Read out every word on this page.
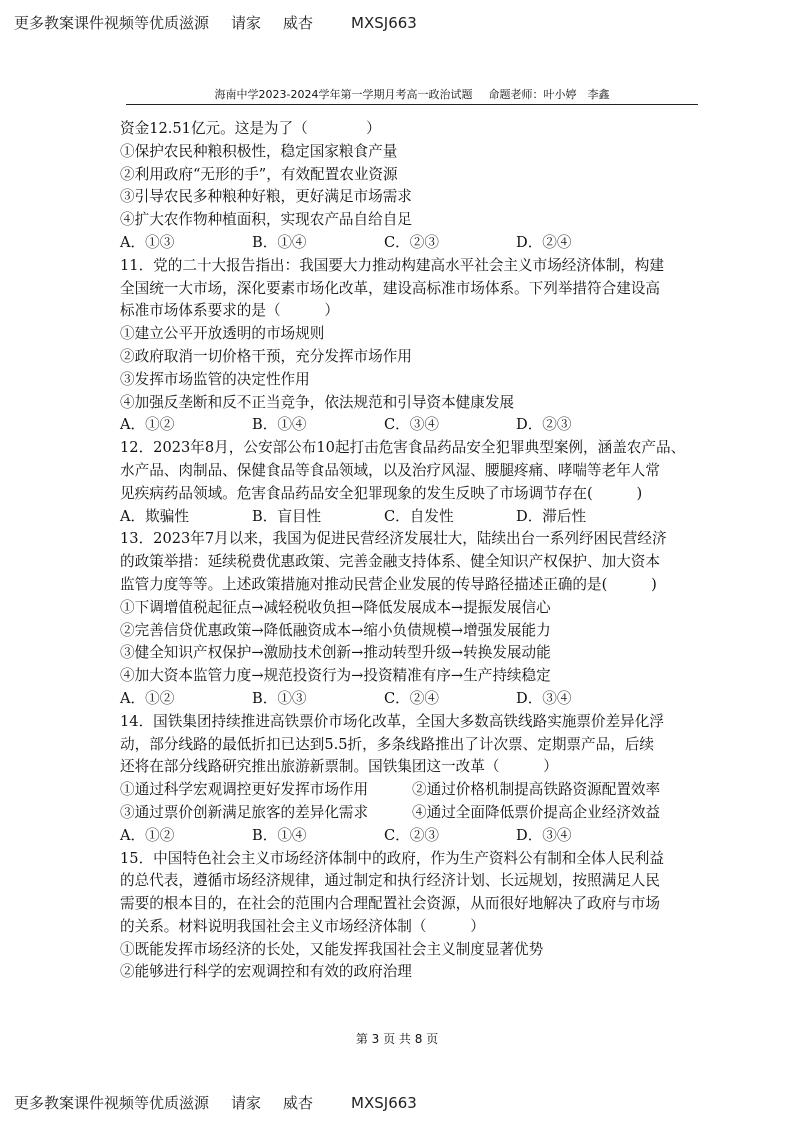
更多教案课件视频等优质滋源 请家 威杏	MXSJ663
海南中学2023-2024学年第一学期月考高一政治试题 命题老师：叶小婷　李鑫
资金12.51亿元。这是为了（　　　　）
①保护农民种粮积极性，稳定国家粮食产量
②利用政府“无形的手”，有效配置农业资源
③引导农民多种粮种好粮，更好满足市场需求
④扩大农作物种植面积，实现农产品自给自足
A．①③	B．①④	C．②③	D．②④
11．党的二十大报告指出：我国要大力推动构建高水平社会主义市场经济体制，构建
全国统一大市场，深化要素市场化改革，建设高标准市场体系。下列举措符合建设高
标准市场体系要求的是（　　　）
①建立公平开放透明的市场规则
②政府取消一切价格干预，充分发挥市场作用
③发挥市场监管的决定性作用
④加强反垄断和反不正当竞争，依法规范和引导资本健康发展
A．①②	B．①④	C．③④	D．②③
12．2023年8月，公安部公布10起打击危害食品药品安全犯罪典型案例，涵盖农产品、
水产品、肉制品、保健食品等食品领域，以及治疗风湿、腰腿疼痛、哮喘等老年人常
见疾病药品领域。危害食品药品安全犯罪现象的发生反映了市场调节存在(　　　)
A．欺骗性	B．盲目性	C．自发性	D．滞后性
13．2023年7月以来，我国为促进民营经济发展壮大，陆续出台一系列纾困民营经济
的政策举措：延续税费优惠政策、完善金融支持体系、健全知识产权保护、加大资本
监管力度等等。上述政策措施对推动民营企业发展的传导路径描述正确的是(　　　)
①下调增值税起征点→减轻税收负担→降低发展成本→提振发展信心
②完善信贷优惠政策→降低融资成本→缩小负债规模→增强发展能力
③健全知识产权保护→激励技术创新→推动转型升级→转换发展动能
④加大资本监管力度→规范投资行为→投资精准有序→生产持续稳定
A．①②	B．①③	C．②④	D．③④
14．国铁集团持续推进高铁票价市场化改革，全国大多数高铁线路实施票价差异化浮
动，部分线路的最低折扣已达到5.5折，多条线路推出了计次票、定期票产品，后续
还将在部分线路研究推出旅游新票制。国铁集团这一改革（　　　）
①通过科学宏观调控更好发挥市场作用	②通过价格机制提高铁路资源配置效率
③通过票价创新满足旅客的差异化需求	④通过全面降低票价提高企业经济效益
A．①②	B．①④	C．②③	D．③④
15．中国特色社会主义市场经济体制中的政府，作为生产资料公有制和全体人民利益
的总代表，遵循市场经济规律，通过制定和执行经济计划、长远规划，按照满足人民
需要的根本目的，在社会的范围内合理配置社会资源，从而很好地解决了政府与市场
的关系。材料说明我国社会主义市场经济体制（　　　）
①既能发挥市场经济的长处，又能发挥我国社会主义制度显著优势
②能够进行科学的宏观调控和有效的政府治理
第 3 页 共 8 页
更多教案课件视频等优质滋源 请家 威杏	MXSJ663
